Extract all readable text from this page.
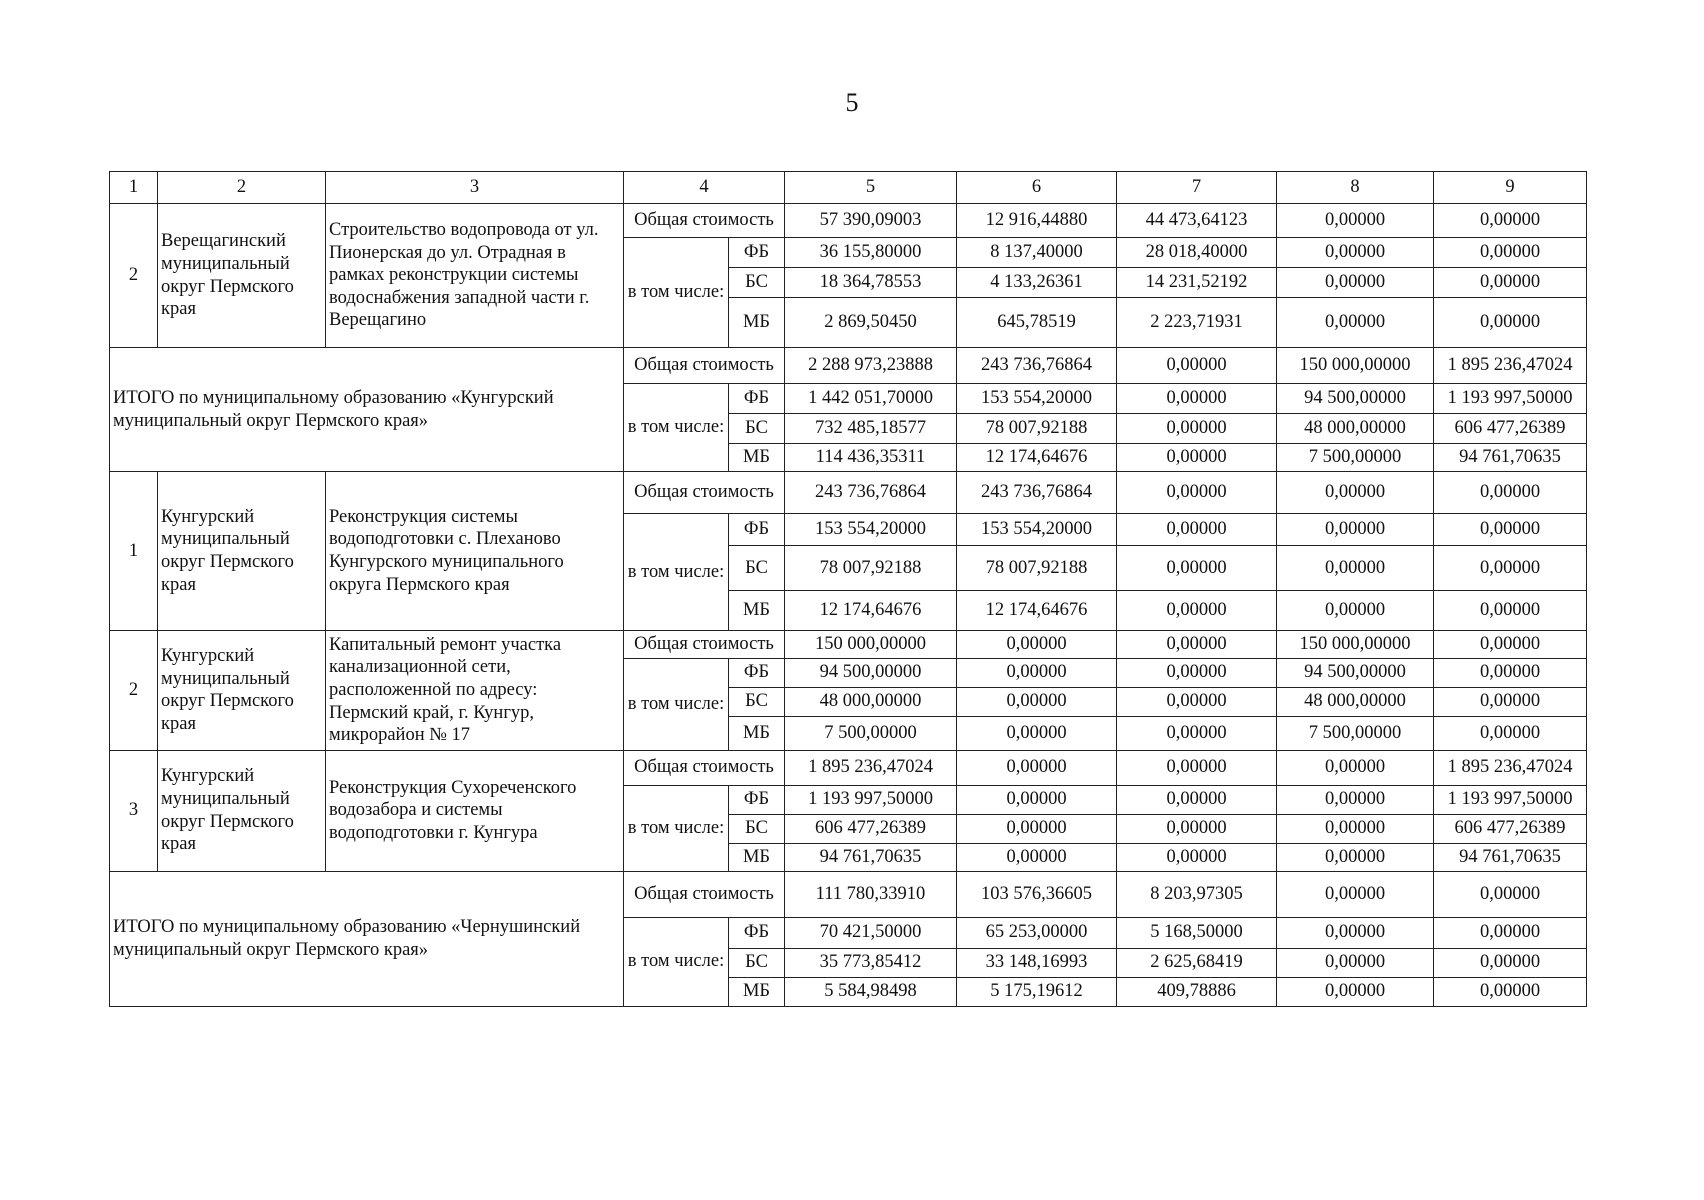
5
1	2	3	4		5	6	7	8	9
2	Верещагинский муниципальный округ Пермского края	Строительство водопровода от ул. Пионерская до ул. Отрадная в рамках реконструкции системы водоснабжения западной части г. Верещагино	Общая стоимость		57 390,09003	12 916,44880	44 473,64123	0,00000	0,00000
			в том числе:	ФБ	36 155,80000	8 137,40000	28 018,40000	0,00000	0,00000
				БС	18 364,78553	4 133,26361	14 231,52192	0,00000	0,00000
				МБ	2 869,50450	645,78519	2 223,71931	0,00000	0,00000
ИТОГО по муниципальному образованию «Кунгурский муниципальный округ Пермского края»			Общая стоимость		2 288 973,23888	243 736,76864	0,00000	150 000,00000	1 895 236,47024
			в том числе:	ФБ	1 442 051,70000	153 554,20000	0,00000	94 500,00000	1 193 997,50000
				БС	732 485,18577	78 007,92188	0,00000	48 000,00000	606 477,26389
				МБ	114 436,35311	12 174,64676	0,00000	7 500,00000	94 761,70635
1	Кунгурский муниципальный округ Пермского края	Реконструкция системы водоподготовки с. Плеханово Кунгурского муниципального округа Пермского края	Общая стоимость		243 736,76864	243 736,76864	0,00000	0,00000	0,00000
			в том числе:	ФБ	153 554,20000	153 554,20000	0,00000	0,00000	0,00000
				БС	78 007,92188	78 007,92188	0,00000	0,00000	0,00000
				МБ	12 174,64676	12 174,64676	0,00000	0,00000	0,00000
2	Кунгурский муниципальный округ Пермского края	Капитальный ремонт участка канализационной сети, расположенной по адресу: Пермский край, г. Кунгур, микрорайон № 17	Общая стоимость		150 000,00000	0,00000	0,00000	150 000,00000	0,00000
			в том числе:	ФБ	94 500,00000	0,00000	0,00000	94 500,00000	0,00000
				БС	48 000,00000	0,00000	0,00000	48 000,00000	0,00000
				МБ	7 500,00000	0,00000	0,00000	7 500,00000	0,00000
3	Кунгурский муниципальный округ Пермского края	Реконструкция Сухореченского водозабора и системы водоподготовки г. Кунгура	Общая стоимость		1 895 236,47024	0,00000	0,00000	0,00000	1 895 236,47024
			в том числе:	ФБ	1 193 997,50000	0,00000	0,00000	0,00000	1 193 997,50000
				БС	606 477,26389	0,00000	0,00000	0,00000	606 477,26389
				МБ	94 761,70635	0,00000	0,00000	0,00000	94 761,70635
ИТОГО по муниципальному образованию «Чернушинский муниципальный округ Пермского края»			Общая стоимость		111 780,33910	103 576,36605	8 203,97305	0,00000	0,00000
			в том числе:	ФБ	70 421,50000	65 253,00000	5 168,50000	0,00000	0,00000
				БС	35 773,85412	33 148,16993	2 625,68419	0,00000	0,00000
				МБ	5 584,98498	5 175,19612	409,78886	0,00000	0,00000
